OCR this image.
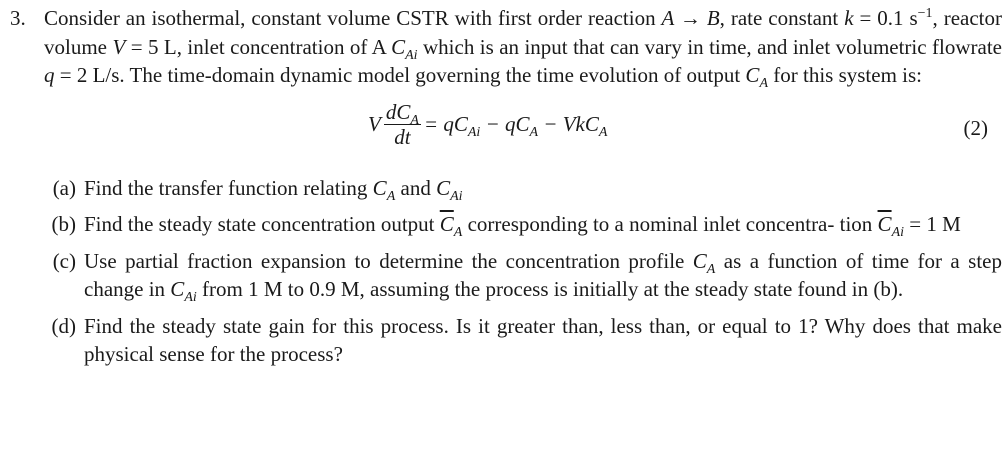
3. Consider an isothermal, constant volume CSTR with first order reaction A → B, rate constant k = 0.1 $s^{-1}$, reactor volume V = 5 L, inlet concentration of A $C_{Ai}$ which is an input that can vary in time, and inlet volumetric flowrate q = 2 L/s. The time-domain dynamic model governing the time evolution of output $C_A$ for this system is:
V $\frac{dC_A}{dt} = qC_{Ai} - qC_A - VkC_A$	(2)
(a) Find the transfer function relating $C_A$ and $C_{Ai}$
(b) Find the steady state concentration output $\overline{C}_A$ corresponding to a nominal inlet concentra- tion $\overline{C}_{Ai} = 1$ M
(c) Use partial fraction expansion to determine the concentration profile $C_A$ as a function of time for a step change in $C_{Ai}$ from 1 M to 0.9 M, assuming the process is initially at the steady state found in (b).
(d) Find the steady state gain for this process. Is it greater than, less than, or equal to 1? Why does that make physical sense for the process?
